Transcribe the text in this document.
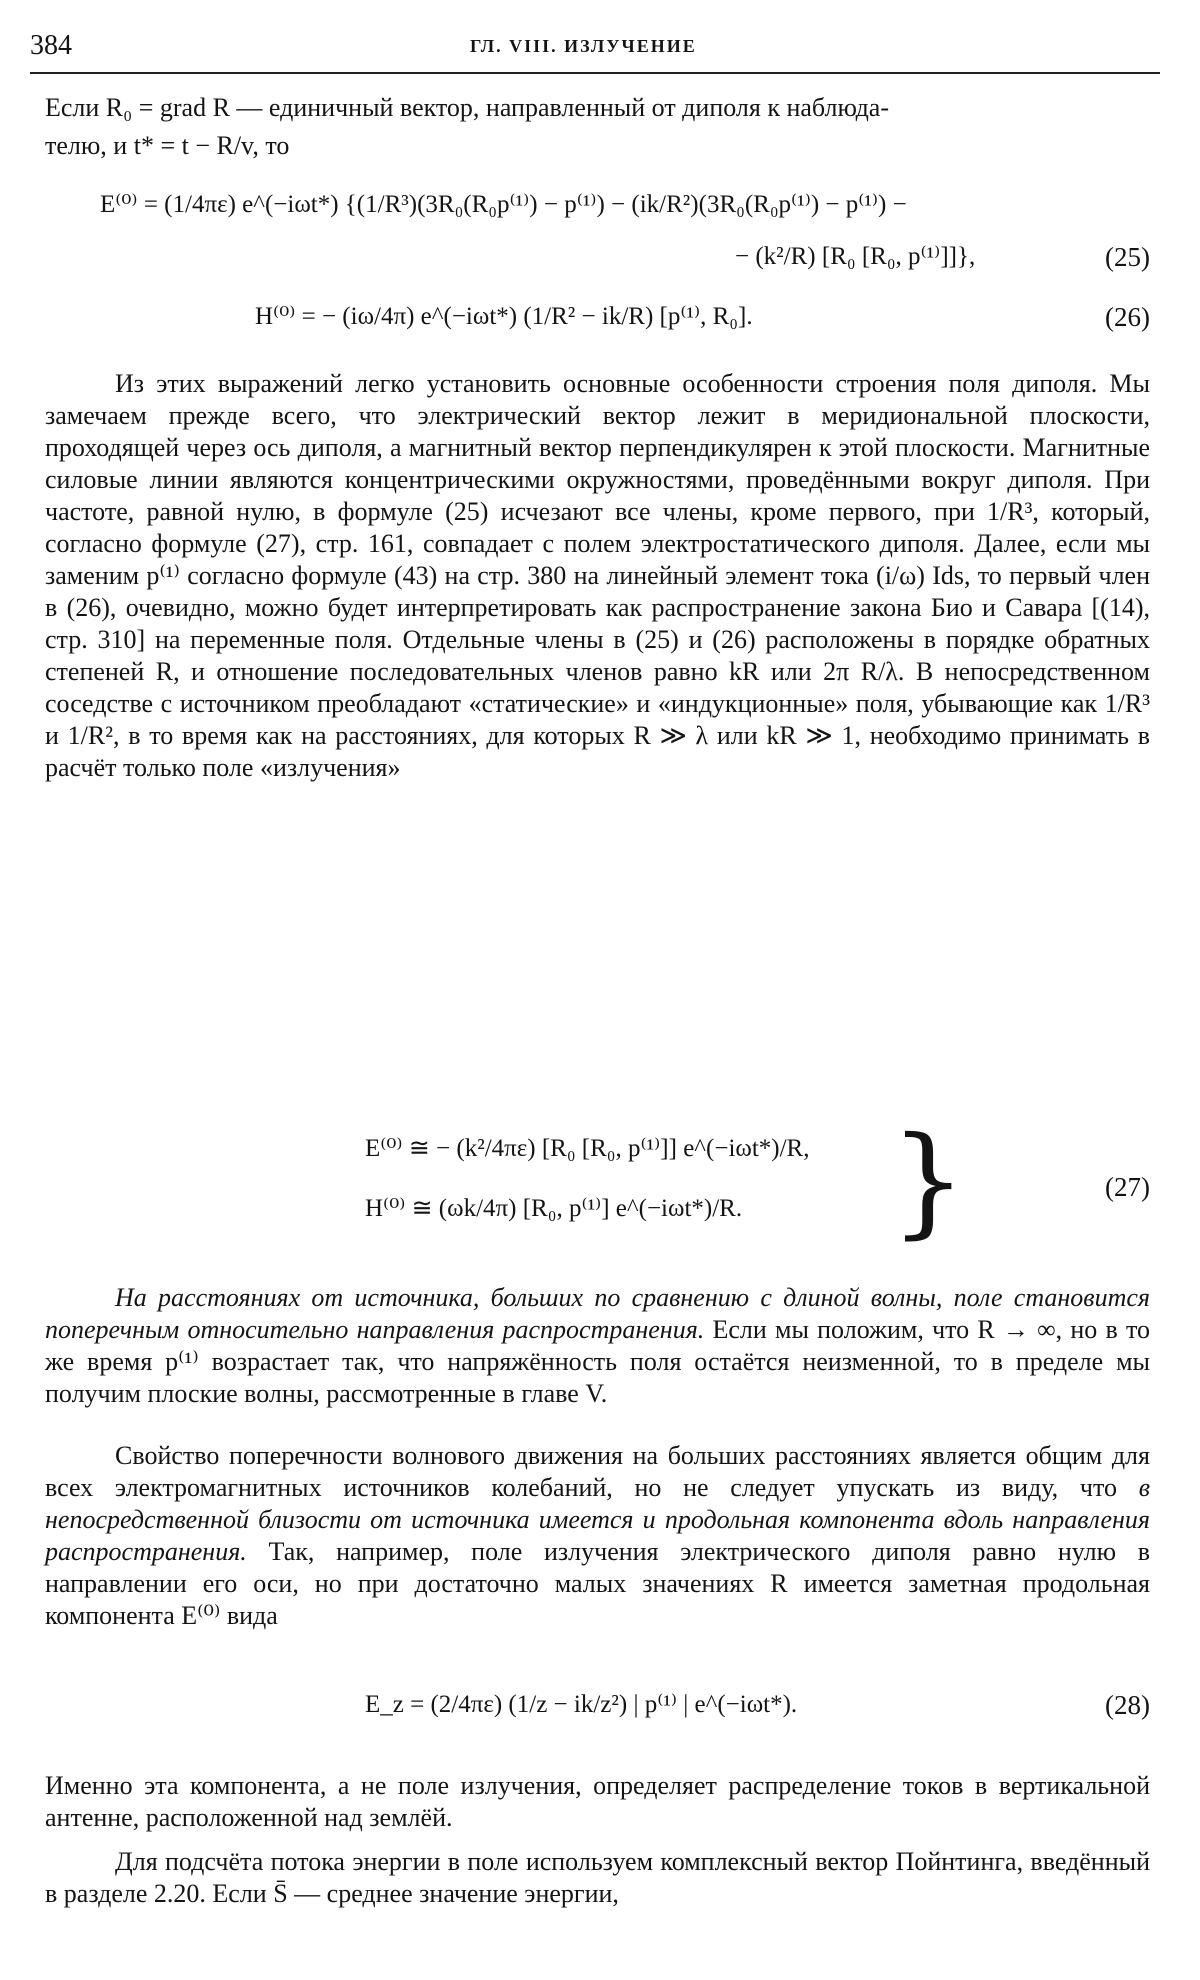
384	ГЛ. VIII. ИЗЛУЧЕНИЕ

Если R₀ = grad R — единичный вектор, направленный от диполя к наблюда-

телю, и t* = t − R/v, то

E⁽⁰⁾ = (1/4πε) e^(−iωt*) {(1/R³)(3R₀(R₀p⁽¹⁾) − p⁽¹⁾) − (ik/R²)(3R₀(R₀p⁽¹⁾) − p⁽¹⁾) −
− (k²/R) [R₀ [R₀, p⁽¹⁾]]},	(25)
H⁽⁰⁾ = − (iω/4π) e^(−iωt*) (1/R² − ik/R) [p⁽¹⁾, R₀].	(26)

Из этих выражений легко установить основные особенности строения поля диполя. Мы замечаем прежде всего, что электрический вектор лежит в меридиональной плоскости, проходящей через ось диполя, а магнитный вектор перпендикулярен к этой плоскости. Магнитные силовые линии являются концентрическими окружностями, проведёнными вокруг диполя. При частоте, равной нулю, в формуле (25) исчезают все члены, кроме первого, при 1/R³, который, согласно формуле (27), стр. 161, совпадает с полем электростатического диполя. Далее, если мы заменим p⁽¹⁾ согласно формуле (43) на стр. 380 на линейный элемент тока (i/ω) Ids, то первый член в (26), очевидно, можно будет интерпретировать как распространение закона Био и Савара [(14), стр. 310] на переменные поля. Отдельные члены в (25) и (26) расположены в порядке обратных степеней R, и отношение последовательных членов равно kR или 2π R/λ. В непосредственном соседстве с источником преобладают «статические» и «индукционные» поля, убывающие как 1/R³ и 1/R², в то время как на расстояниях, для которых R ≫ λ или kR ≫ 1, необходимо принимать в расчёт только поле «излучения»

E⁽⁰⁾ ≅ − (k²/4πε) [R₀ [R₀, p⁽¹⁾]] e^(−iωt*)/R,
H⁽⁰⁾ ≅ (ωk/4π) [R₀, p⁽¹⁾] e^(−iωt*)/R. }	(27)

На расстояниях от источника, больших по сравнению с длиной волны, поле становится поперечным относительно направления распространения. Если мы положим, что R → ∞, но в то же время p⁽¹⁾ возрастает так, что напряжённость поля остаётся неизменной, то в пределе мы получим плоские волны, рассмотренные в главе V.

Свойство поперечности волнового движения на больших расстояниях является общим для всех электромагнитных источников колебаний, но не следует упускать из виду, что в непосредственной близости от источника имеется и продольная компонента вдоль направления распространения. Так, например, поле излучения электрического диполя равно нулю в направлении его оси, но при достаточно малых значениях R имеется заметная продольная компонента E⁽⁰⁾ вида

E_z = (2/4πε) (1/z − ik/z²) | p⁽¹⁾ | e^(−iωt*).	(28)

Именно эта компонента, а не поле излучения, определяет распределение токов в вертикальной антенне, расположенной над землёй.

Для подсчёта потока энергии в поле используем комплексный вектор Пойнтинга, введённый в разделе 2.20. Если S̄ — среднее значение энергии,
